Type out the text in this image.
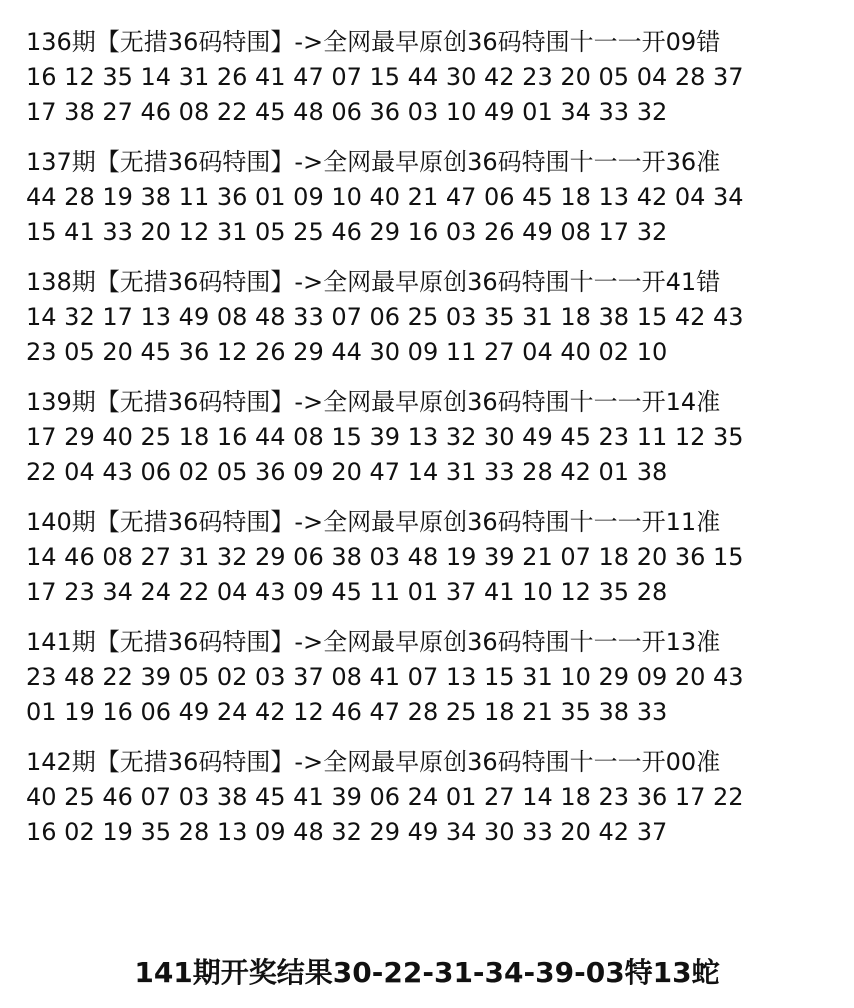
136期【无措36码特围】->全网最早原创36码特围十一一开09错
16 12 35 14 31 26 41 47 07 15 44 30 42 23 20 05 04 28 37
17 38 27 46 08 22 45 48 06 36 03 10 49 01 34 33 32
137期【无措36码特围】->全网最早原创36码特围十一一开36准
44 28 19 38 11 36 01 09 10 40 21 47 06 45 18 13 42 04 34
15 41 33 20 12 31 05 25 46 29 16 03 26 49 08 17 32
138期【无措36码特围】->全网最早原创36码特围十一一开41错
14 32 17 13 49 08 48 33 07 06 25 03 35 31 18 38 15 42 43
23 05 20 45 36 12 26 29 44 30 09 11 27 04 40 02 10
139期【无措36码特围】->全网最早原创36码特围十一一开14准
17 29 40 25 18 16 44 08 15 39 13 32 30 49 45 23 11 12 35
22 04 43 06 02 05 36 09 20 47 14 31 33 28 42 01 38
140期【无措36码特围】->全网最早原创36码特围十一一开11准
14 46 08 27 31 32 29 06 38 03 48 19 39 21 07 18 20 36 15
17 23 34 24 22 04 43 09 45 11 01 37 41 10 12 35 28
141期【无措36码特围】->全网最早原创36码特围十一一开13准
23 48 22 39 05 02 03 37 08 41 07 13 15 31 10 29 09 20 43
01 19 16 06 49 24 42 12 46 47 28 25 18 21 35 38 33
142期【无措36码特围】->全网最早原创36码特围十一一开00准
40 25 46 07 03 38 45 41 39 06 24 01 27 14 18 23 36 17 22
16 02 19 35 28 13 09 48 32 29 49 34 30 33 20 42 37
141期开奖结果30-22-31-34-39-03特13蛇
